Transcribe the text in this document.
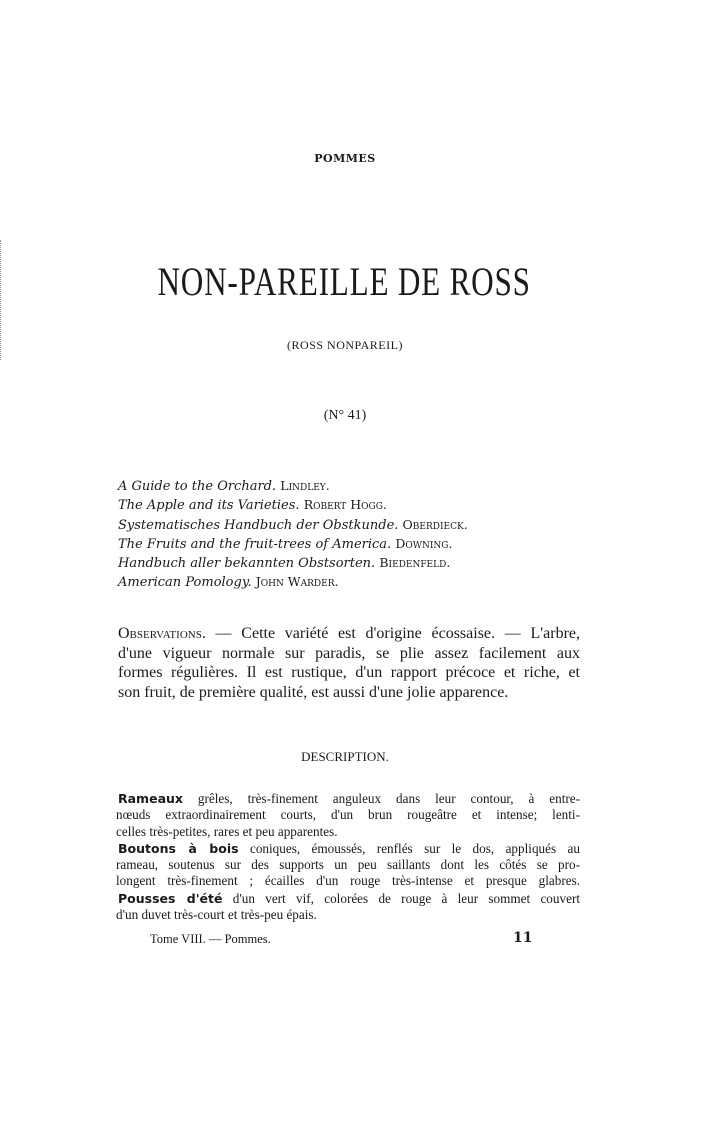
POMMES
NON-PAREILLE DE ROSS
(ROSS NONPAREIL)
(N° 41)
A Guide to the Orchard. Lindley.
The Apple and its Varieties. Robert Hogg.
Systematisches Handbuch der Obstkunde. Oberdieck.
The Fruits and the fruit-trees of America. Downing.
Handbuch aller bekannten Obstsorten. Biedenfeld.
American Pomology. John Warder.
Observations. — Cette variété est d'origine écossaise. — L'arbre,
d'une vigueur normale sur paradis, se plie assez facilement aux
formes régulières. Il est rustique, d'un rapport précoce et riche, et
son fruit, de première qualité, est aussi d'une jolie apparence.
DESCRIPTION.
Rameaux grêles, très-finement anguleux dans leur contour, à entre-
nœuds extraordinairement courts, d'un brun rougeâtre et intense; lenti-
celles très-petites, rares et peu apparentes.
Boutons à bois coniques, émoussés, renflés sur le dos, appliqués au
rameau, soutenus sur des supports un peu saillants dont les côtés se pro-
longent très-finement ; écailles d'un rouge très-intense et presque glabres.
Pousses d'été d'un vert vif, colorées de rouge à leur sommet couvert
d'un duvet très-court et très-peu épais.
Tome VIII. — Pommes.	11
